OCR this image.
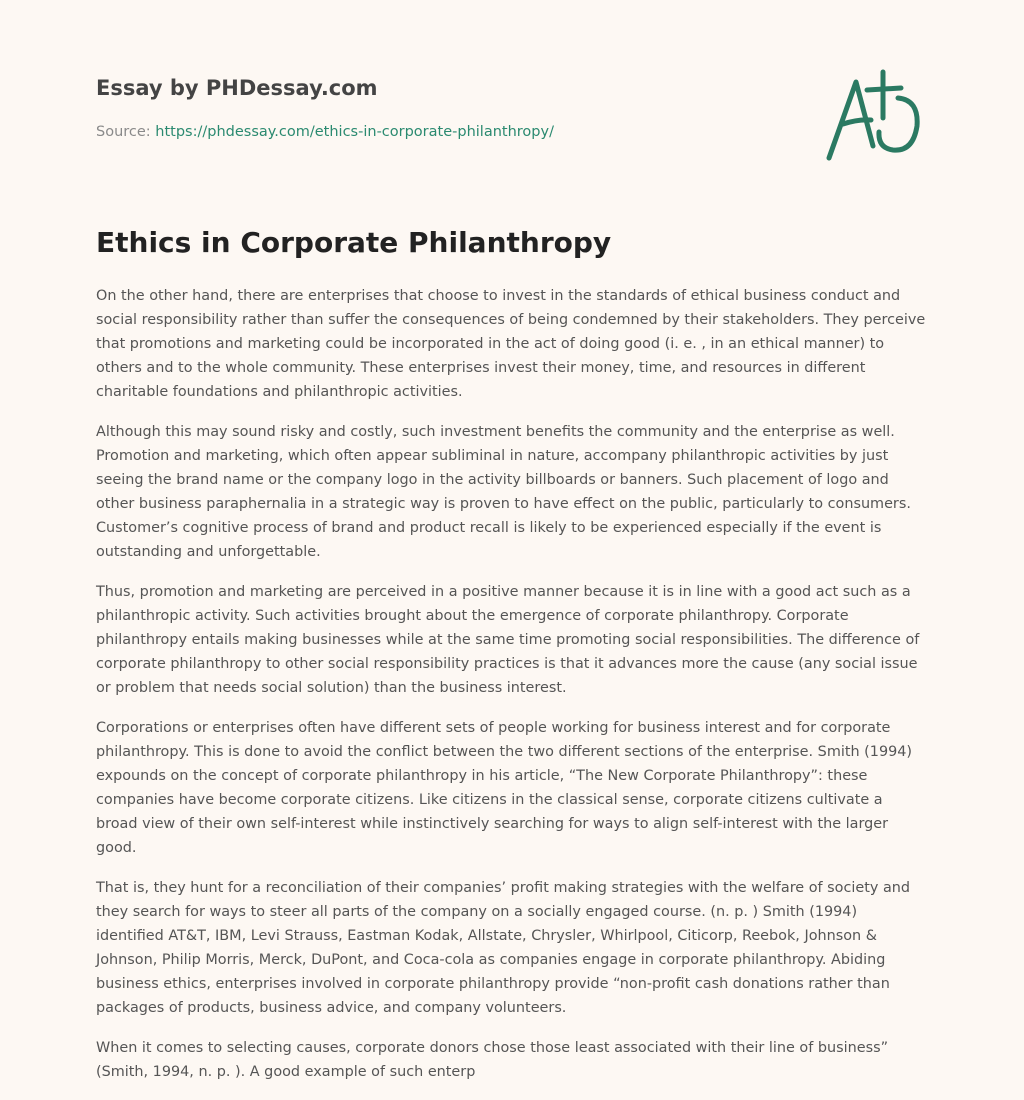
Essay by PHDessay.com
Source: https://phdessay.com/ethics-in-corporate-philanthropy/
Ethics in Corporate Philanthropy

On the other hand, there are enterprises that choose to invest in the standards of ethical business conduct and social responsibility rather than suffer the consequences of being condemned by their stakeholders. They perceive that promotions and marketing could be incorporated in the act of doing good (i. e. , in an ethical manner) to others and to the whole community. These enterprises invest their money, time, and resources in different charitable foundations and philanthropic activities.

Although this may sound risky and costly, such investment benefits the community and the enterprise as well. Promotion and marketing, which often appear subliminal in nature, accompany philanthropic activities by just seeing the brand name or the company logo in the activity billboards or banners. Such placement of logo and other business paraphernalia in a strategic way is proven to have effect on the public, particularly to consumers. Customer’s cognitive process of brand and product recall is likely to be experienced especially if the event is outstanding and unforgettable.

Thus, promotion and marketing are perceived in a positive manner because it is in line with a good act such as a philanthropic activity. Such activities brought about the emergence of corporate philanthropy. Corporate philanthropy entails making businesses while at the same time promoting social responsibilities. The difference of corporate philanthropy to other social responsibility practices is that it advances more the cause (any social issue or problem that needs social solution) than the business interest.

Corporations or enterprises often have different sets of people working for business interest and for corporate philanthropy. This is done to avoid the conflict between the two different sections of the enterprise. Smith (1994) expounds on the concept of corporate philanthropy in his article, “The New Corporate Philanthropy”: these companies have become corporate citizens. Like citizens in the classical sense, corporate citizens cultivate a broad view of their own self-interest while instinctively searching for ways to align self-interest with the larger good.

That is, they hunt for a reconciliation of their companies’ profit making strategies with the welfare of society and they search for ways to steer all parts of the company on a socially engaged course. (n. p. ) Smith (1994) identified AT&T, IBM, Levi Strauss, Eastman Kodak, Allstate, Chrysler, Whirlpool, Citicorp, Reebok, Johnson & Johnson, Philip Morris, Merck, DuPont, and Coca-cola as companies engage in corporate philanthropy. Abiding business ethics, enterprises involved in corporate philanthropy provide “non-profit cash donations rather than packages of products, business advice, and company volunteers.

When it comes to selecting causes, corporate donors chose those least associated with their line of business” (Smith, 1994, n. p. ). A good example of such enterp
